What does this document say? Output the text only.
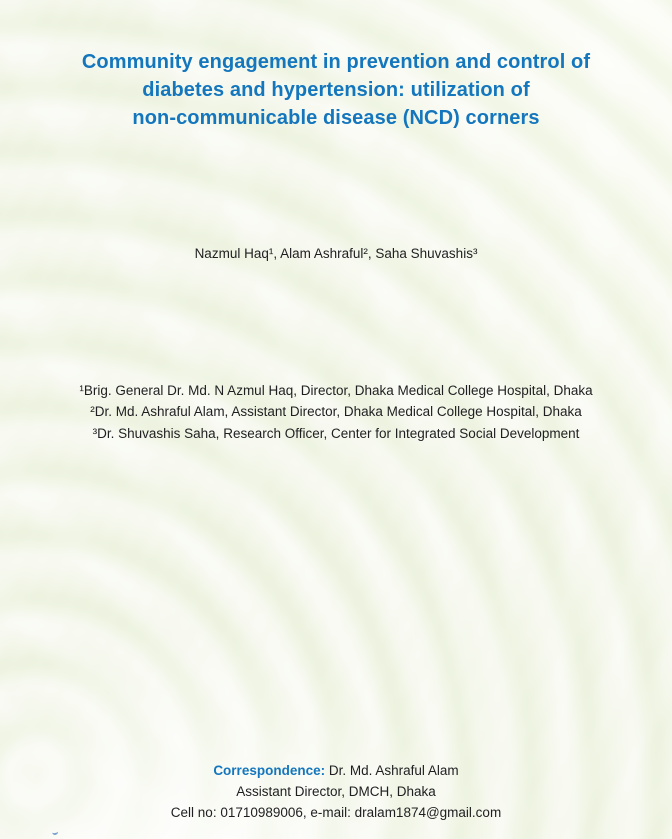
Community engagement in prevention and control of
diabetes and hypertension: utilization of
non-communicable disease (NCD) corners

Nazmul Haq¹, Alam Ashraful², Saha Shuvashis³

¹Brig. General Dr. Md. N Azmul Haq, Director, Dhaka Medical College Hospital, Dhaka

²Dr. Md. Ashraful Alam, Assistant Director, Dhaka Medical College Hospital, Dhaka

³Dr. Shuvashis Saha, Research Officer, Center for Integrated Social Development

Correspondence: Dr. Md. Ashraful Alam

Assistant Director, DMCH, Dhaka

Cell no: 01710989006, e-mail: dralam1874@gmail.com
